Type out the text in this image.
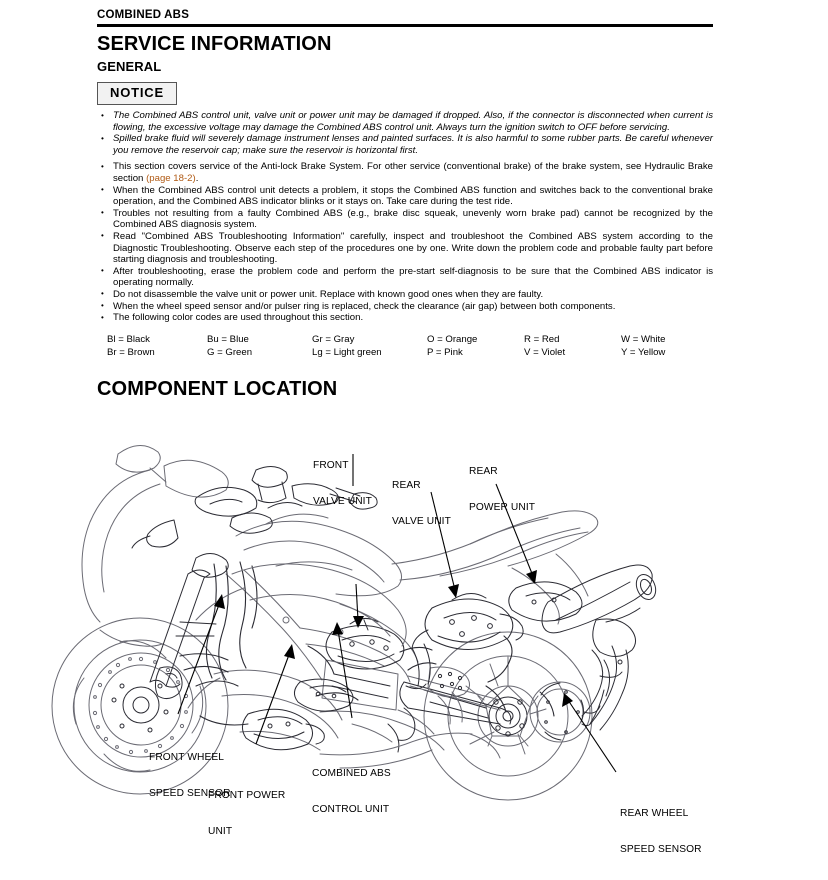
COMBINED ABS
SERVICE INFORMATION
GENERAL
NOTICE
• The Combined ABS control unit, valve unit or power unit may be damaged if dropped. Also, if the connector is disconnected when current is flowing, the excessive voltage may damage the Combined ABS control unit. Always turn the ignition switch to OFF before servicing.
• Spilled brake fluid will severely damage instrument lenses and painted surfaces. It is also harmful to some rubber parts. Be careful whenever you remove the reservoir cap; make sure the reservoir is horizontal first.
• This section covers service of the Anti-lock Brake System. For other service (conventional brake) of the brake system, see Hydraulic Brake section (page 18-2).
• When the Combined ABS control unit detects a problem, it stops the Combined ABS function and switches back to the conventional brake operation, and the Combined ABS indicator blinks or it stays on. Take care during the test ride.
• Troubles not resulting from a faulty Combined ABS (e.g., brake disc squeak, unevenly worn brake pad) cannot be recognized by the Combined ABS diagnosis system.
• Read "Combined ABS Troubleshooting Information" carefully, inspect and troubleshoot the Combined ABS system according to the Diagnostic Troubleshooting. Observe each step of the procedures one by one. Write down the problem code and probable faulty part before starting diagnosis and troubleshooting.
• After troubleshooting, erase the problem code and perform the pre-start self-diagnosis to be sure that the Combined ABS indicator is operating normally.
• Do not disassemble the valve unit or power unit. Replace with known good ones when they are faulty.
• When the wheel speed sensor and/or pulser ring is replaced, check the clearance (air gap) between both components.
• The following color codes are used throughout this section.
Bl = Black	Bu = Blue	Gr = Gray	O = Orange	R = Red	W = White
Br = Brown	G = Green	Lg = Light green	P = Pink	V = Violet	Y = Yellow
COMPONENT LOCATION

FRONT

VALVE UNIT

REAR

VALVE UNIT

REAR

POWER UNIT

FRONT WHEEL

SPEED SENSOR

FRONT POWER

UNIT

COMBINED ABS

CONTROL UNIT

	REAR WHEEL

SPEED SENSOR
